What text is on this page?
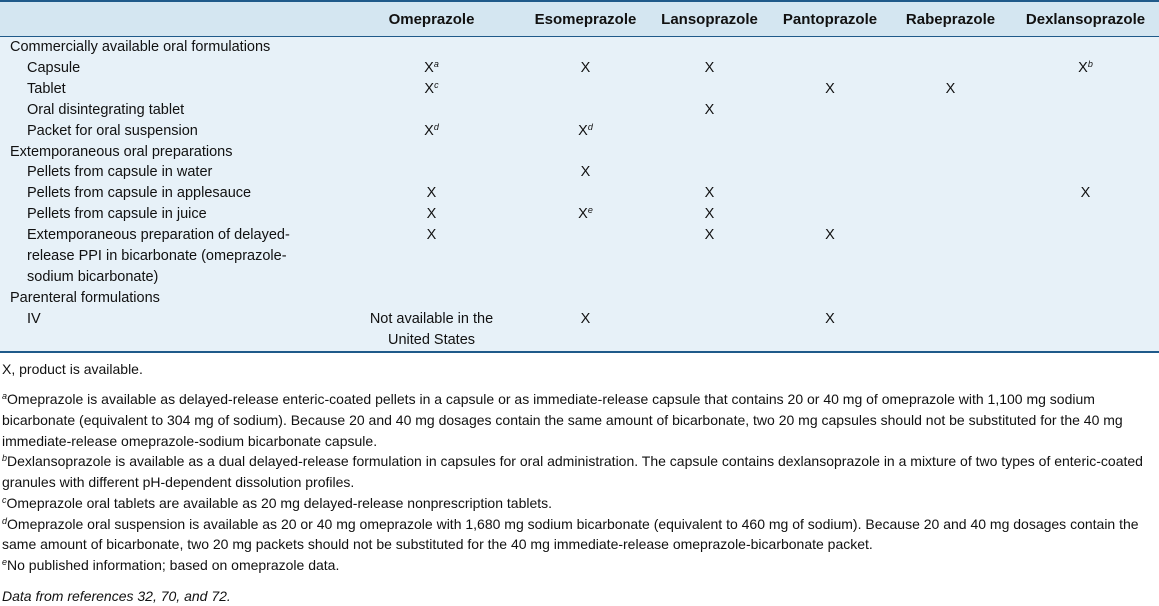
	Omeprazole	Esomeprazole	Lansoprazole	Pantoprazole	Rabeprazole	Dexlansoprazole
Commercially available oral formulations						
Capsule	$X^a$	X	X			$X^b$
Tablet	$X^c$			X	X	
Oral disintegrating tablet			X			
Packet for oral suspension	$X^d$	$X^d$				
Extemporaneous oral preparations						
Pellets from capsule in water		X				
Pellets from capsule in applesauce	X		X			X
Pellets from capsule in juice	X	Xe	X			
Extemporaneous preparation of delayed-release PPI in bicarbonate (omeprazole-sodium bicarbonate)	X		X	X		
Parenteral formulations						
IV	Not available in the United States	X		X		

X, product is available.

$^a$Omeprazole is available as delayed-release enteric-coated pellets in a capsule or as immediate-release capsule that contains 20 or 40 mg of omeprazole with 1,100 mg sodium bicarbonate (equivalent to 304 mg of sodium). Because 20 and 40 mg dosages contain the same amount of bicarbonate, two 20 mg capsules should not be substituted for the 40 mg immediate-release omeprazole-sodium bicarbonate capsule.

$^b$Dexlansoprazole is available as a dual delayed-release formulation in capsules for oral administration. The capsule contains dexlansoprazole in a mixture of two types of enteric-coated granules with different pH-dependent dissolution profiles.

$^c$Omeprazole oral tablets are available as 20 mg delayed-release nonprescription tablets.

$^d$Omeprazole oral suspension is available as 20 or 40 mg omeprazole with 1,680 mg sodium bicarbonate (equivalent to 460 mg of sodium). Because 20 and 40 mg dosages contain the same amount of bicarbonate, two 20 mg packets should not be substituted for the 40 mg immediate-release omeprazole-bicarbonate packet.

$^e$No published information; based on omeprazole data.

Data from references 32, 70, and 72.
